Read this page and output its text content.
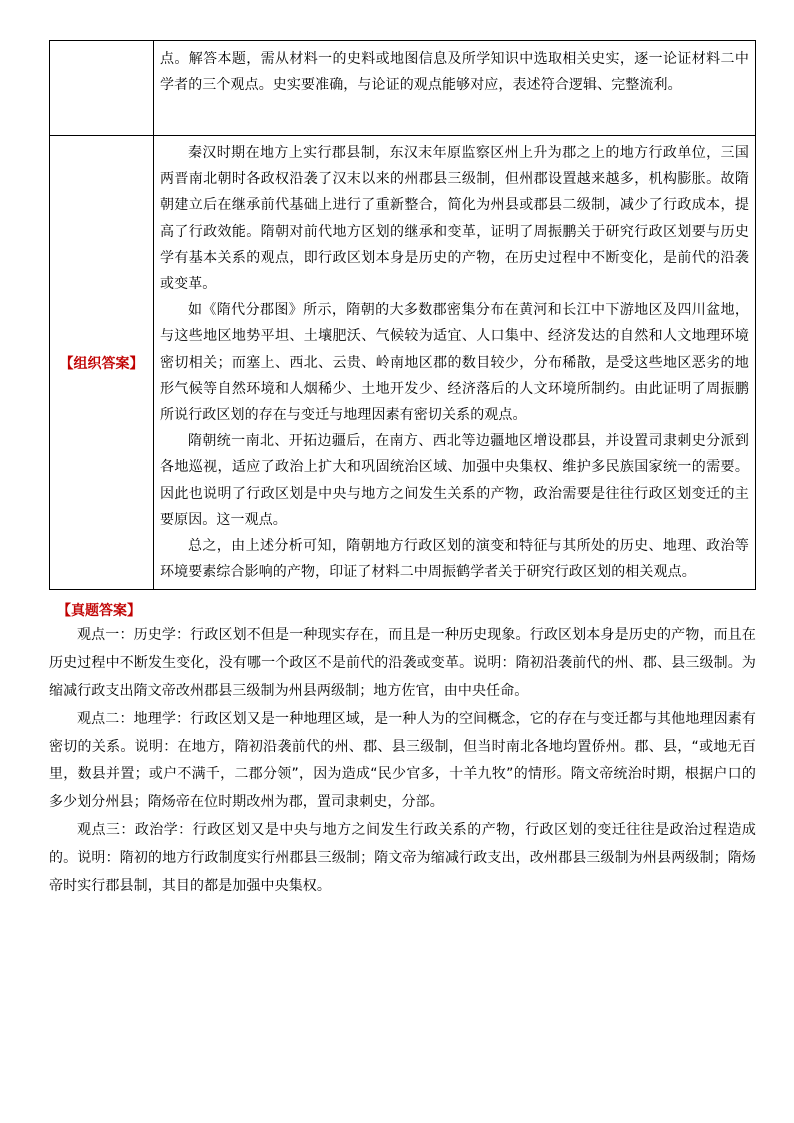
	点。解答本题，需从材料一的史料或地图信息及所学知识中选取相关史实，逐一论证材料二中学者的三个观点。史实要准确，与论证的观点能够对应，表述符合逻辑、完整流利。

【组织答案】	秦汉时期在地方上实行郡县制，东汉末年原监察区州上升为郡之上的地方行政单位，三国两晋南北朝时各政权沿袭了汉末以来的州郡县三级制，但州郡设置越来越多，机构膨胀。故隋朝建立后在继承前代基础上进行了重新整合，简化为州县或郡县二级制，减少了行政成本，提高了行政效能。隋朝对前代地方区划的继承和变革，证明了周振鹏关于研究行政区划要与历史学有基本关系的观点，即行政区划本身是历史的产物，在历史过程中不断变化，是前代的沿袭或变革。

如《隋代分郡图》所示，隋朝的大多数郡密集分布在黄河和长江中下游地区及四川盆地，与这些地区地势平坦、土壤肥沃、气候较为适宜、人口集中、经济发达的自然和人文地理环境密切相关；而塞上、西北、云贵、岭南地区郡的数目较少，分布稀散，是受这些地区恶劣的地形气候等自然环境和人烟稀少、土地开发少、经济落后的人文环境所制约。由此证明了周振鹏所说行政区划的存在与变迁与地理因素有密切关系的观点。

隋朝统一南北、开拓边疆后，在南方、西北等边疆地区增设郡县，并设置司隶刺史分派到各地巡视，适应了政治上扩大和巩固统治区域、加强中央集权、维护多民族国家统一的需要。因此也说明了行政区划是中央与地方之间发生关系的产物，政治需要是往往行政区划变迁的主要原因。这一观点。

总之，由上述分析可知，隋朝地方行政区划的演变和特征与其所处的历史、地理、政治等环境要素综合影响的产物，印证了材料二中周振鹤学者关于研究行政区划的相关观点。

【真题答案】

观点一：历史学：行政区划不但是一种现实存在，而且是一种历史现象。行政区划本身是历史的产物，而且在历史过程中不断发生变化，没有哪一个政区不是前代的沿袭或变革。说明：隋初沿袭前代的州、郡、县三级制。为缩减行政支出隋文帝改州郡县三级制为州县两级制；地方佐官，由中央任命。

观点二：地理学：行政区划又是一种地理区域，是一种人为的空间概念，它的存在与变迁都与其他地理因素有密切的关系。说明：在地方，隋初沿袭前代的州、郡、县三级制，但当时南北各地均置侨州。郡、县，“或地无百里，数县并置；或户不满千，二郡分领”，因为造成“民少官多，十羊九牧”的情形。隋文帝统治时期，根据户口的多少划分州县；隋炀帝在位时期改州为郡，置司隶刺史，分部。

观点三：政治学：行政区划又是中央与地方之间发生行政关系的产物，行政区划的变迁往往是政治过程造成的。说明：隋初的地方行政制度实行州郡县三级制；隋文帝为缩减行政支出，改州郡县三级制为州县两级制；隋炀帝时实行郡县制，其目的都是加强中央集权。
